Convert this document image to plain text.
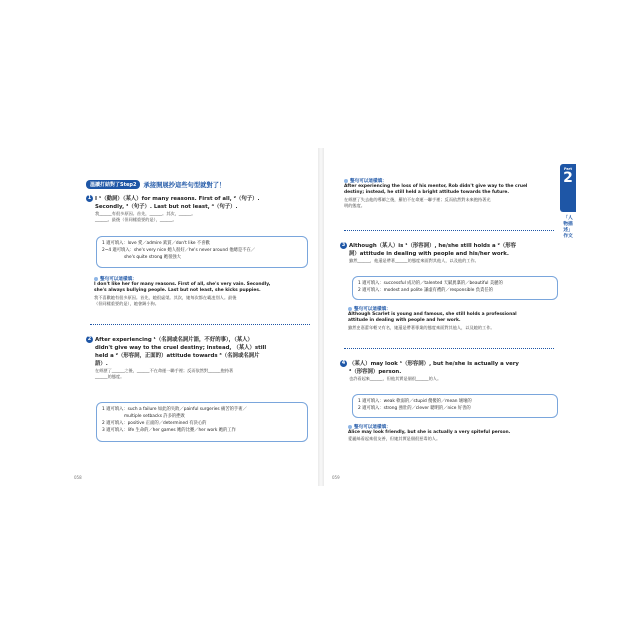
溫讀打結對了Step2	承接開展抄這些句型就對了！
1 I ¹（動詞）（某人）for many reasons. First of all, ²（句子）.
Secondly, ³（句子）. Last but not least, ⁴（句子）.
我______有很多原因。首先，______。其次，______。
______。最後（但同樣重要的是），______。
1 適可填入：love 愛／admire 欽賞／don't like 不喜歡
2~4 適可填入：she's very nice 她人很好／he's never around 他總是不在／
she's quite strong 她很強大
整句可以這樣填：
I don't like her for many reasons. First of all, she's very vain. Secondly,
she's always bullying people. Last but not least, she kicks puppies.
我不喜歡她有很多原因。首先，她很虛榮。其次，她每次都在霸凌別人。最後
（但同樣重要的是），她會踢小狗。
2 After experiencing ¹（名詞或名詞片語，不好的事），（某人）
didn't give way to the cruel destiny; instead, （某人）still
held a ²（形容詞，正面的）attitude towards ³（名詞或名詞片
語）.
在經歷了______之後，______不在命運一聯手裡；反而依然對______抱持著
______的態度。
1 適可填入：such a failure 如此的失敗／painful surgeries 痛苦的手術／
multiple setbacks 許多的挫敗
2 適可填入：positive 正面的／determined 有決心的
3 適可填入：life 生命的／her games 她的比賽／her work 她的工作
058
Part
2
「人物描述」作文
整句可以這樣填：
After experiencing the loss of his mentor, Rob didn't give way to the cruel
destiny; instead, he still held a bright attitude towards the future.
在經歷了失去他的導師之後，羅伯不在命運一聯手裡；反而依然對未來抱持著光
明的態度。
3 Although（某人）is ¹（形容詞）, he/she still holds a ²（形容
詞）attitude in dealing with people and his/her work.
雖然______，他還是帶著______的態度來面對其他人，以及他的工作。
1 適可填入：successful 成功的／talented 天賦異稟的／beautiful 美麗的
2 適可填入：modest and polite 謙虛有禮的／responsible 負責任的
整句可以這樣填：
Although Scarlet is young and famous, she still holds a professional
attitude in dealing with people and her work.
雖然史嘉蕾年輕又有名，她還是帶著專業的態度來面對其他人，以及她的工作。
4 （某人）may look ¹（形容詞）, but he/she is actually a very
²（形容詞）person.
也許看起來______，但他其實是個很______的人。
1 適可填入：weak 軟弱的／stupid 傻傻的／mean 壞壞的
2 適可填入：strong 強壯的／clever 聰明的／nice 好善的
整句可以這樣填：
Alice may look friendly, but she is actually a very spiteful person.
愛麗絲看起來很友善，但她其實是個很惡毒的人。
059
